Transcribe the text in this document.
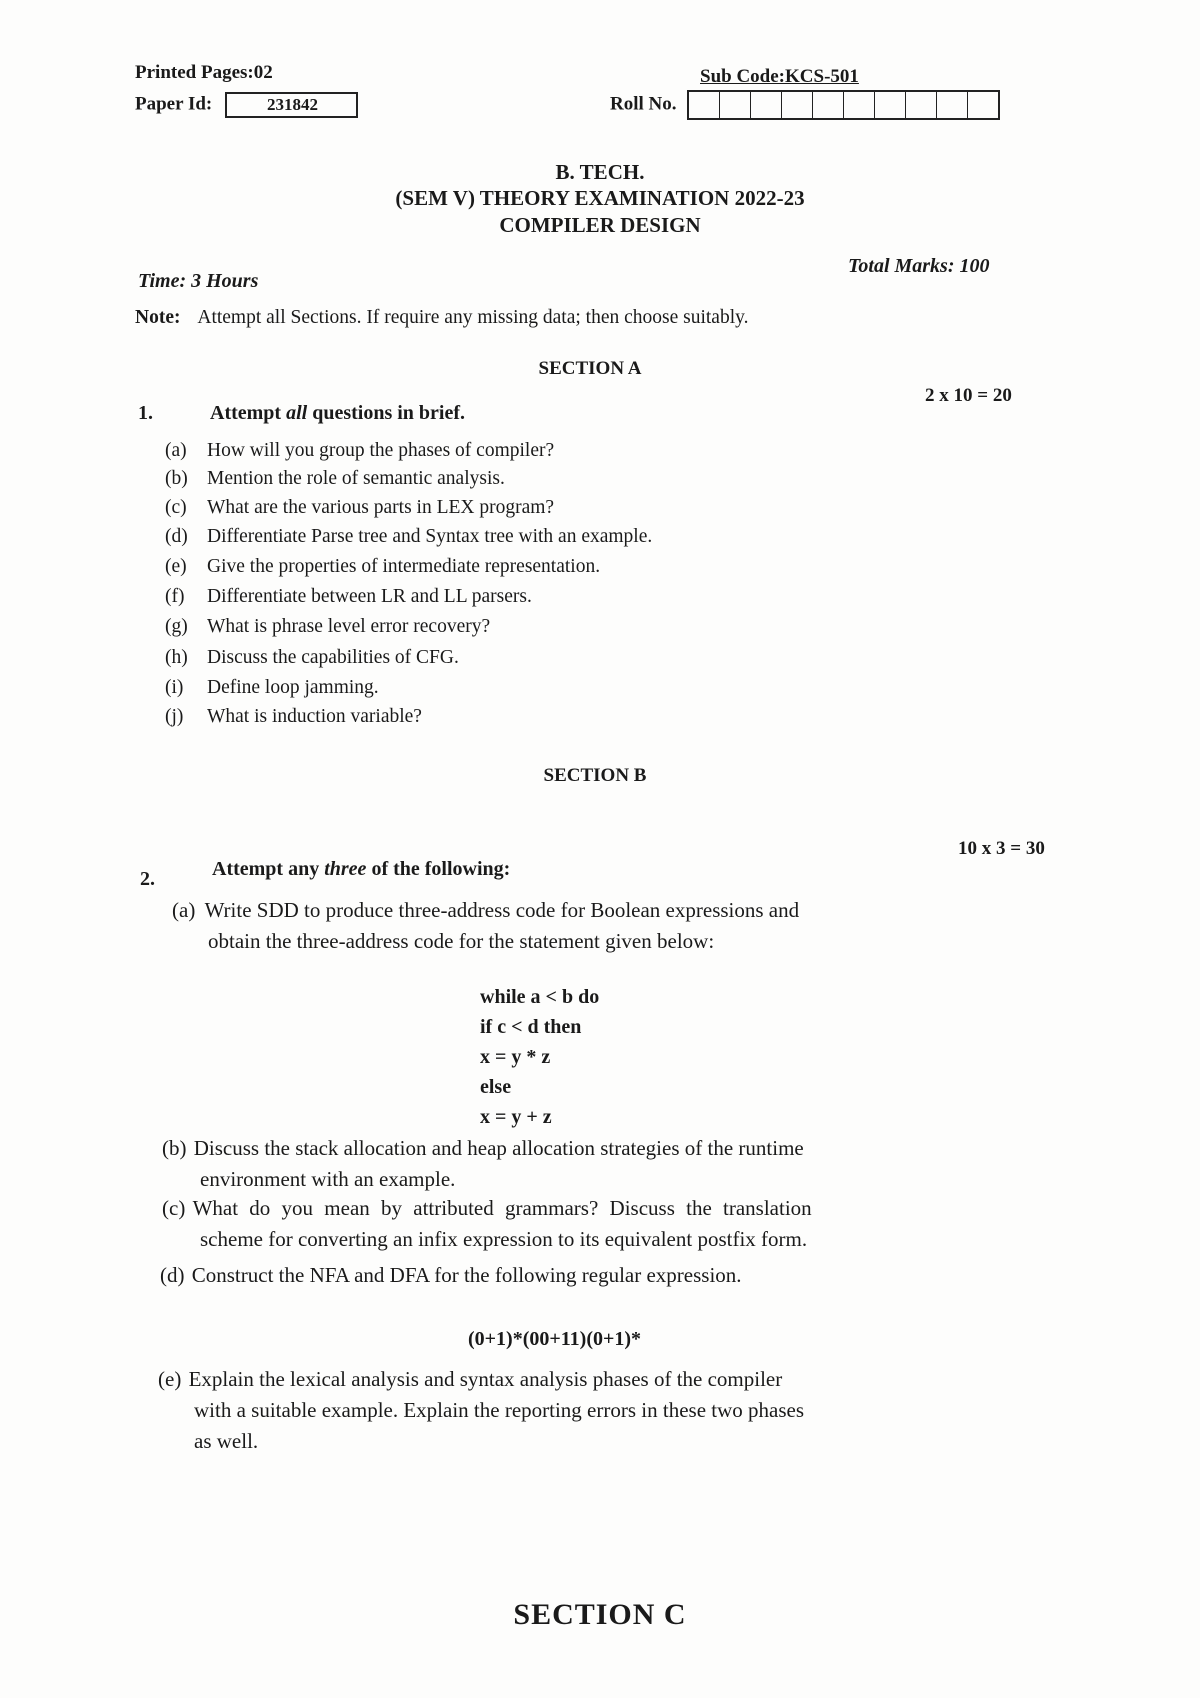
Printed Pages:02
Paper Id:	231842
Sub Code:KCS-501
Roll No.
B. TECH.
(SEM V) THEORY EXAMINATION 2022-23
COMPILER DESIGN
Time: 3 Hours
Total Marks: 100
Note: Attempt all Sections. If require any missing data; then choose suitably.
SECTION A
1.	Attempt all questions in brief.
2 x 10 = 20
(a) How will you group the phases of compiler?
(b) Mention the role of semantic analysis.
(c) What are the various parts in LEX program?
(d) Differentiate Parse tree and Syntax tree with an example.
(e) Give the properties of intermediate representation.
(f) Differentiate between LR and LL parsers.
(g) What is phrase level error recovery?
(h) Discuss the capabilities of CFG.
(i) Define loop jamming.
(j) What is induction variable?
SECTION B
2.	Attempt any three of the following:
10 x 3 = 30
(a) Write SDD to produce three-address code for Boolean expressions and
obtain the three-address code for the statement given below:
while a < b do
if c < d then
x = y * z
else
x = y + z
(b) Discuss the stack allocation and heap allocation strategies of the runtime
environment with an example.
(c) What do you mean by attributed grammars? Discuss the translation
scheme for converting an infix expression to its equivalent postfix form.
(d) Construct the NFA and DFA for the following regular expression.
(0+1)*(00+11)(0+1)*
(e) Explain the lexical analysis and syntax analysis phases of the compiler
with a suitable example. Explain the reporting errors in these two phases
as well.
SECTION C
